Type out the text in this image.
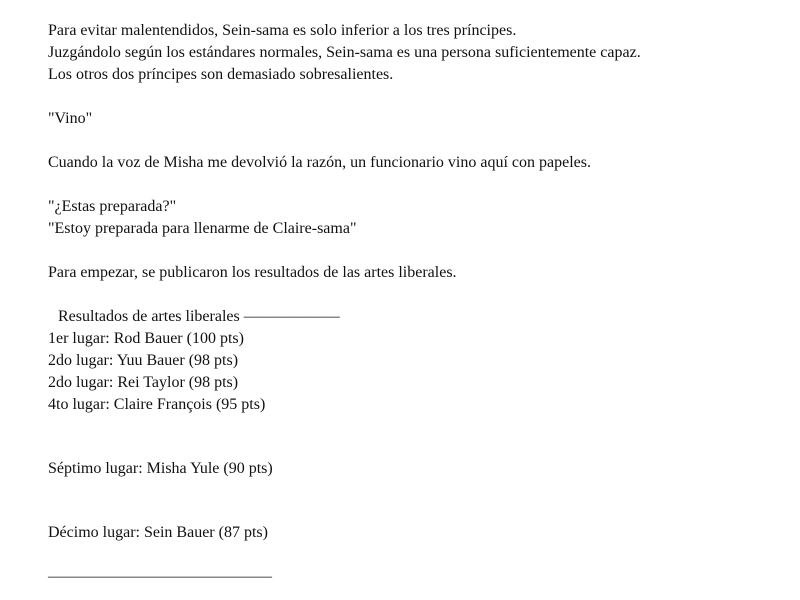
Para evitar malentendidos, Sein-sama es solo inferior a los tres príncipes.
Juzgándolo según los estándares normales, Sein-sama es una persona suficientemente capaz.
Los otros dos príncipes son demasiado sobresalientes.
"Vino"
Cuando la voz de Misha me devolvió la razón, un funcionario vino aquí con papeles.
"¿Estas preparada?"
"Estoy preparada para llenarme de Claire-sama"
Para empezar, se publicaron los resultados de las artes liberales.
Resultados de artes liberales ——————
1er lugar: Rod Bauer (100 pts)
2do lugar: Yuu Bauer (98 pts)
2do lugar: Rei Taylor (98 pts)
4to lugar: Claire François (95 pts)
Séptimo lugar: Misha Yule (90 pts)
Décimo lugar: Sein Bauer (87 pts)
——————————————
